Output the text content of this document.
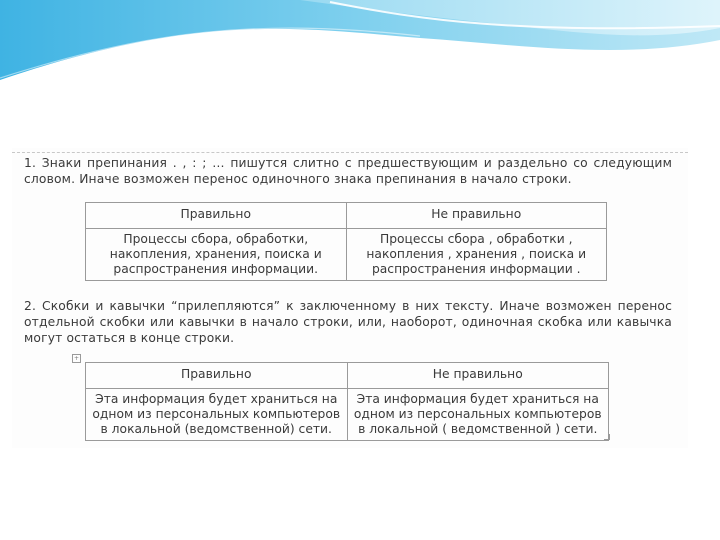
1. Знаки препинания . , : ; … пишутся слитно с предшествующим и раздельно со следующим словом. Иначе возможен перенос одиночного знака препинания в начало строки.
Правильно	Не правильно
Процессы сбора, обработки, накопления, хранения, поиска и распространения информации.	Процессы сбора , обработки , накопления , хранения , поиска и распространения информации .
2. Скобки и кавычки “прилепляются” к заключенному в них тексту. Иначе возможен перенос отдельной скобки или кавычки в начало строки, или, наоборот, одиночная скобка или кавычка могут остаться в конце строки.
+
Правильно	Не правильно
Эта информация будет храниться на одном из персональных компьютеров в локальной (ведомственной) сети.	Эта информация будет храниться на одном из персональных компьютеров в локальной ( ведомственной ) сети.
